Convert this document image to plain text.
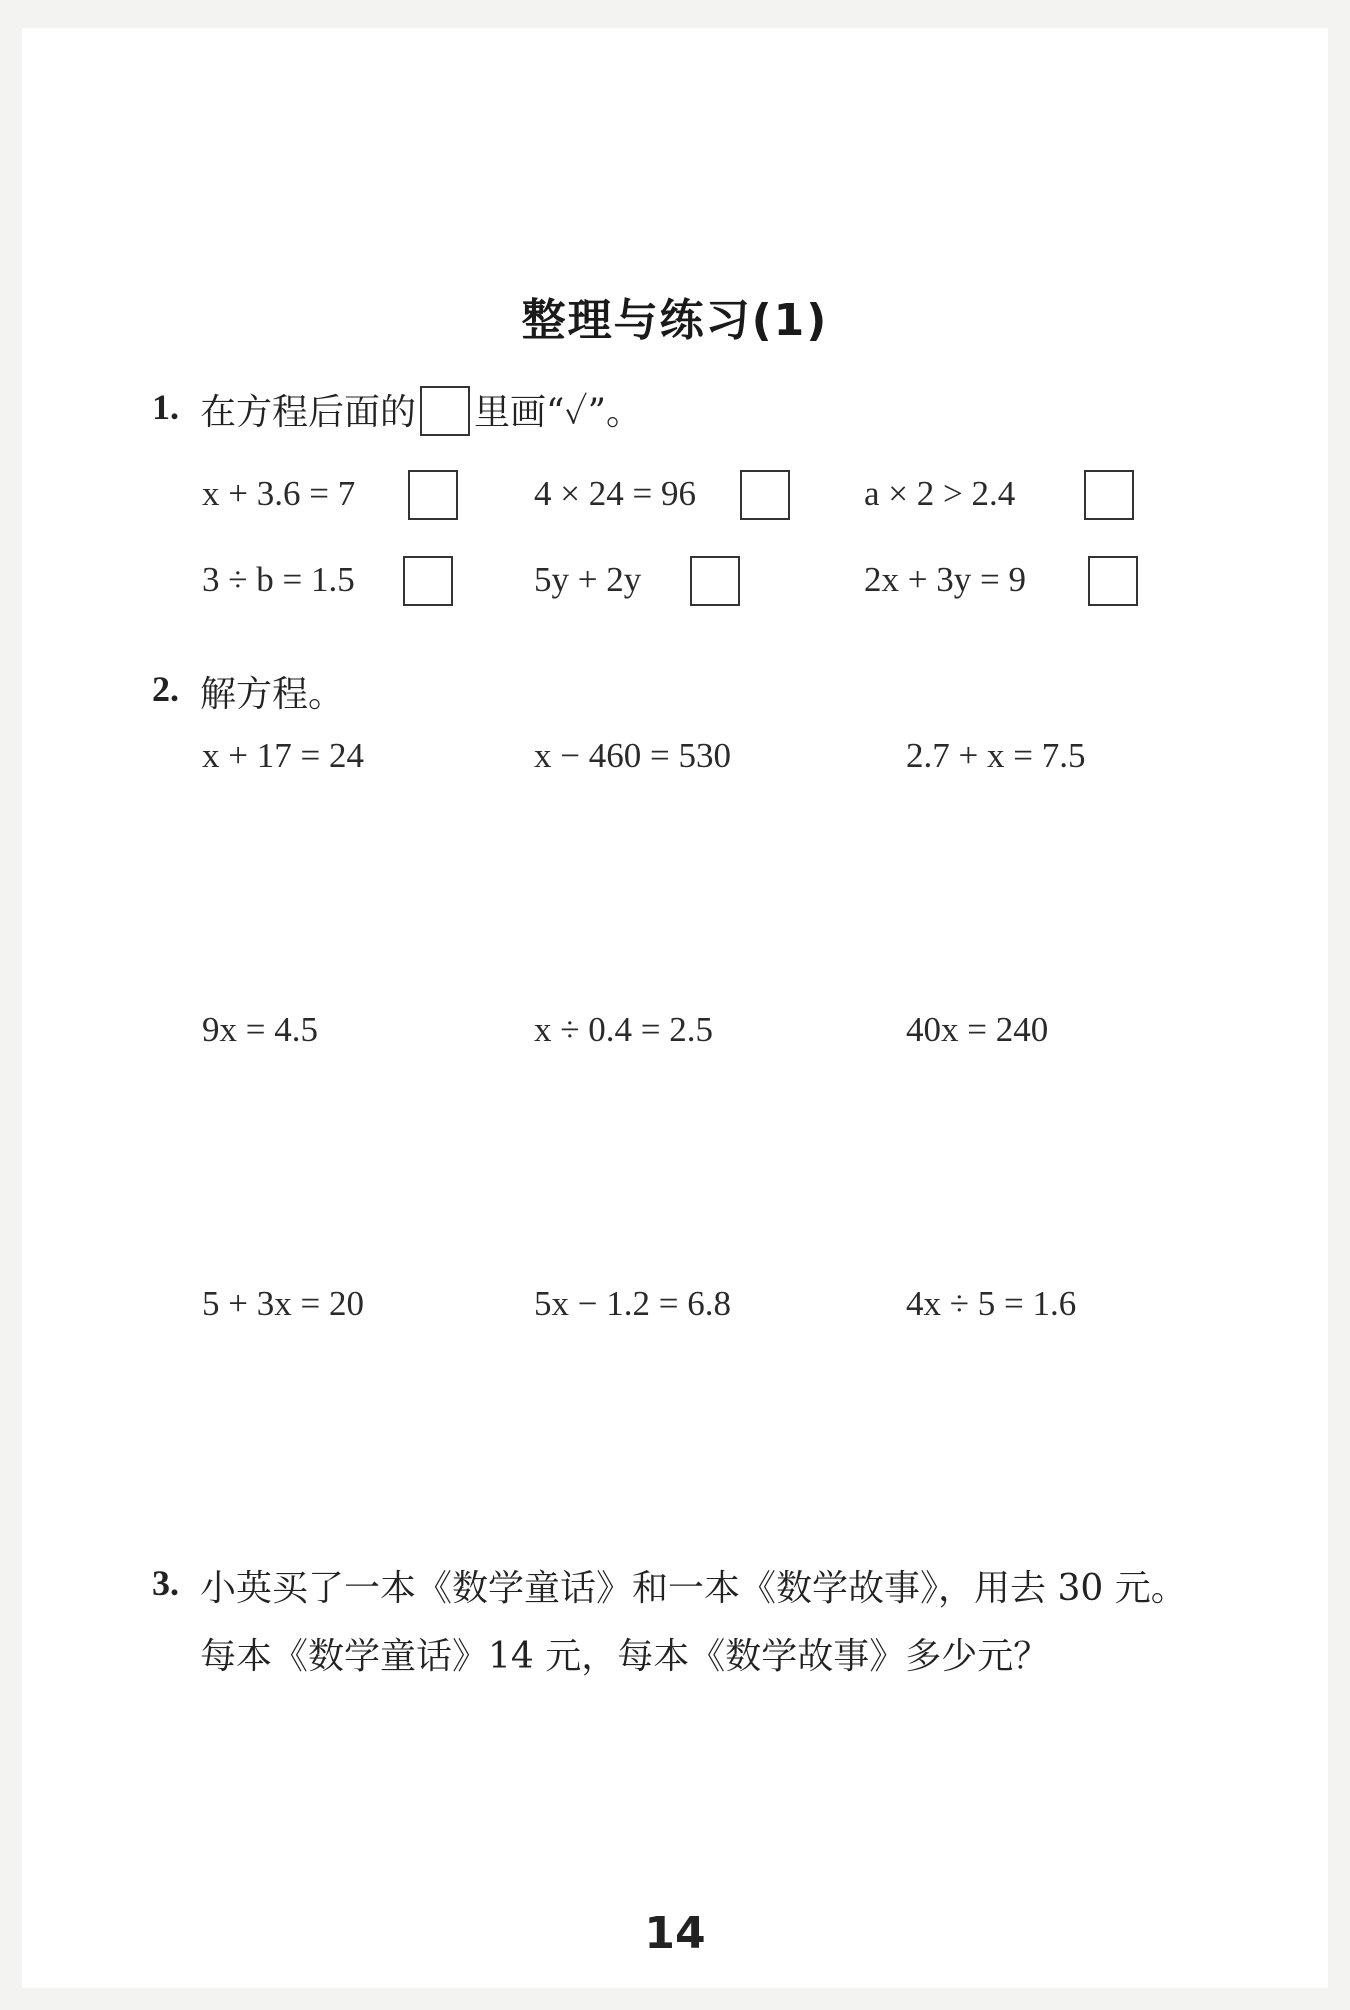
整理与练习(1)
1. 在方程后面的 里画“✓”。
x + 3.6 = 7	4 × 24 = 96	a × 2 > 2.4
3 ÷ b = 1.5	5y + 2y	2x + 3y = 9
2. 解方程。
x + 17 = 24	x − 460 = 530	2.7 + x = 7.5
9x = 4.5	x ÷ 0.4 = 2.5	40x = 240
5 + 3x = 20	5x − 1.2 = 6.8	4x ÷ 5 = 1.6
3. 小英买了一本《数学童话》和一本《数学故事》，用去 30 元。
每本《数学童话》14 元，每本《数学故事》多少元？
14
